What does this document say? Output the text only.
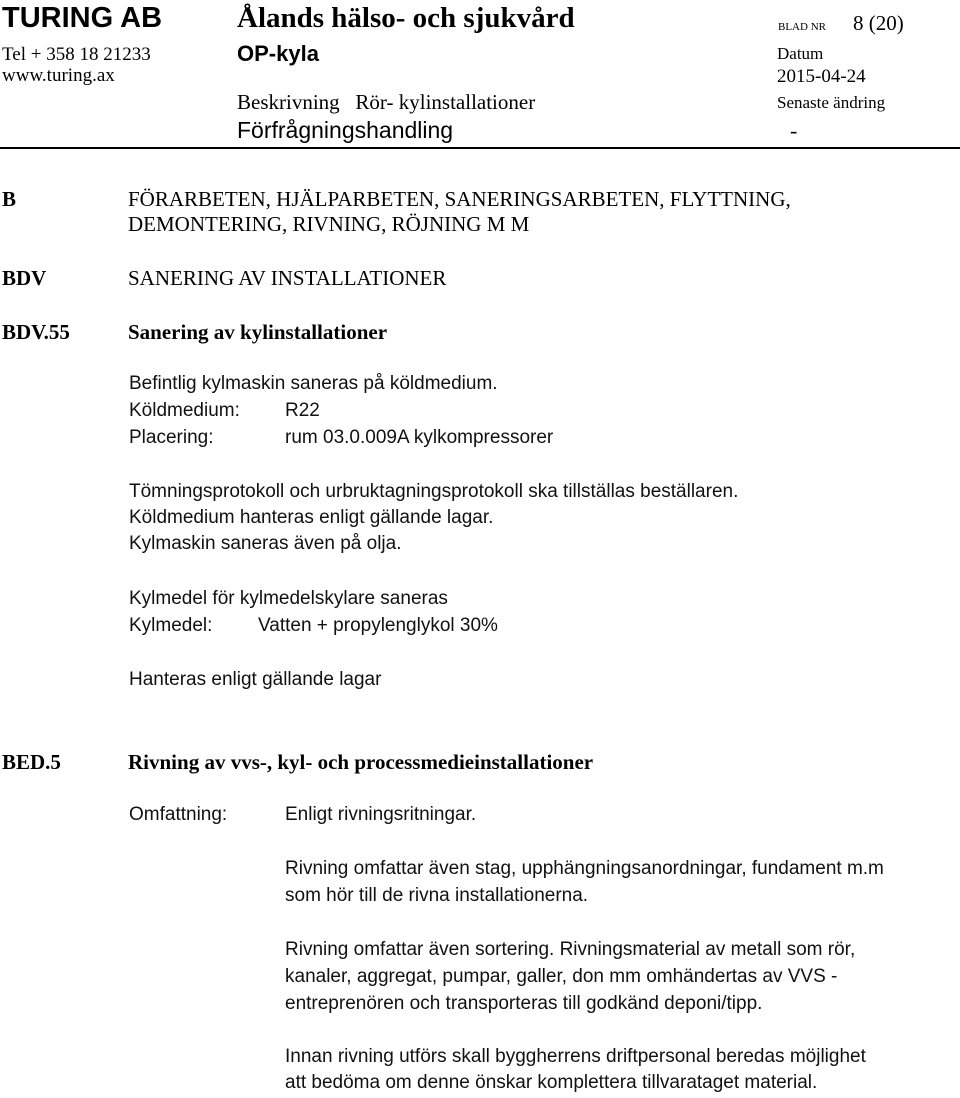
TURING AB
Tel + 358 18 21233
www.turing.ax
Ålands hälso- och sjukvård
OP-kyla
Beskrivning   Rör- kylinstallationer
Förfrågningshandling
BLAD NR 8 (20)
Datum
2015-04-24
Senaste ändring
-
B	FÖRARBETEN, HJÄLPARBETEN, SANERINGSARBETEN, FLYTTNING,
DEMONTERING, RIVNING, RÖJNING M M
BDV	SANERING AV INSTALLATIONER
BDV.55	Sanering av kylinstallationer
Befintlig kylmaskin saneras på köldmedium.
Köldmedium: R22
Placering:	rum 03.0.009A kylkompressorer
Tömningsprotokoll och urbruktagningsprotokoll ska tillställas beställaren.
Köldmedium hanteras enligt gällande lagar.
Kylmaskin saneras även på olja.
Kylmedel för kylmedelskylare saneras
Kylmedel: Vatten + propylenglykol 30%
Hanteras enligt gällande lagar
BED.5	Rivning av vvs-, kyl- och processmedieinstallationer
Omfattning:	Enligt rivningsritningar.
Rivning omfattar även stag, upphängningsanordningar, fundament m.m
som hör till de rivna installationerna.
Rivning omfattar även sortering. Rivningsmaterial av metall som rör,
kanaler, aggregat, pumpar, galler, don mm omhändertas av VVS -
entreprenören och transporteras till godkänd deponi/tipp.
Innan rivning utförs skall byggherrens driftpersonal beredas möjlighet
att bedöma om denne önskar komplettera tillvarataget material.
